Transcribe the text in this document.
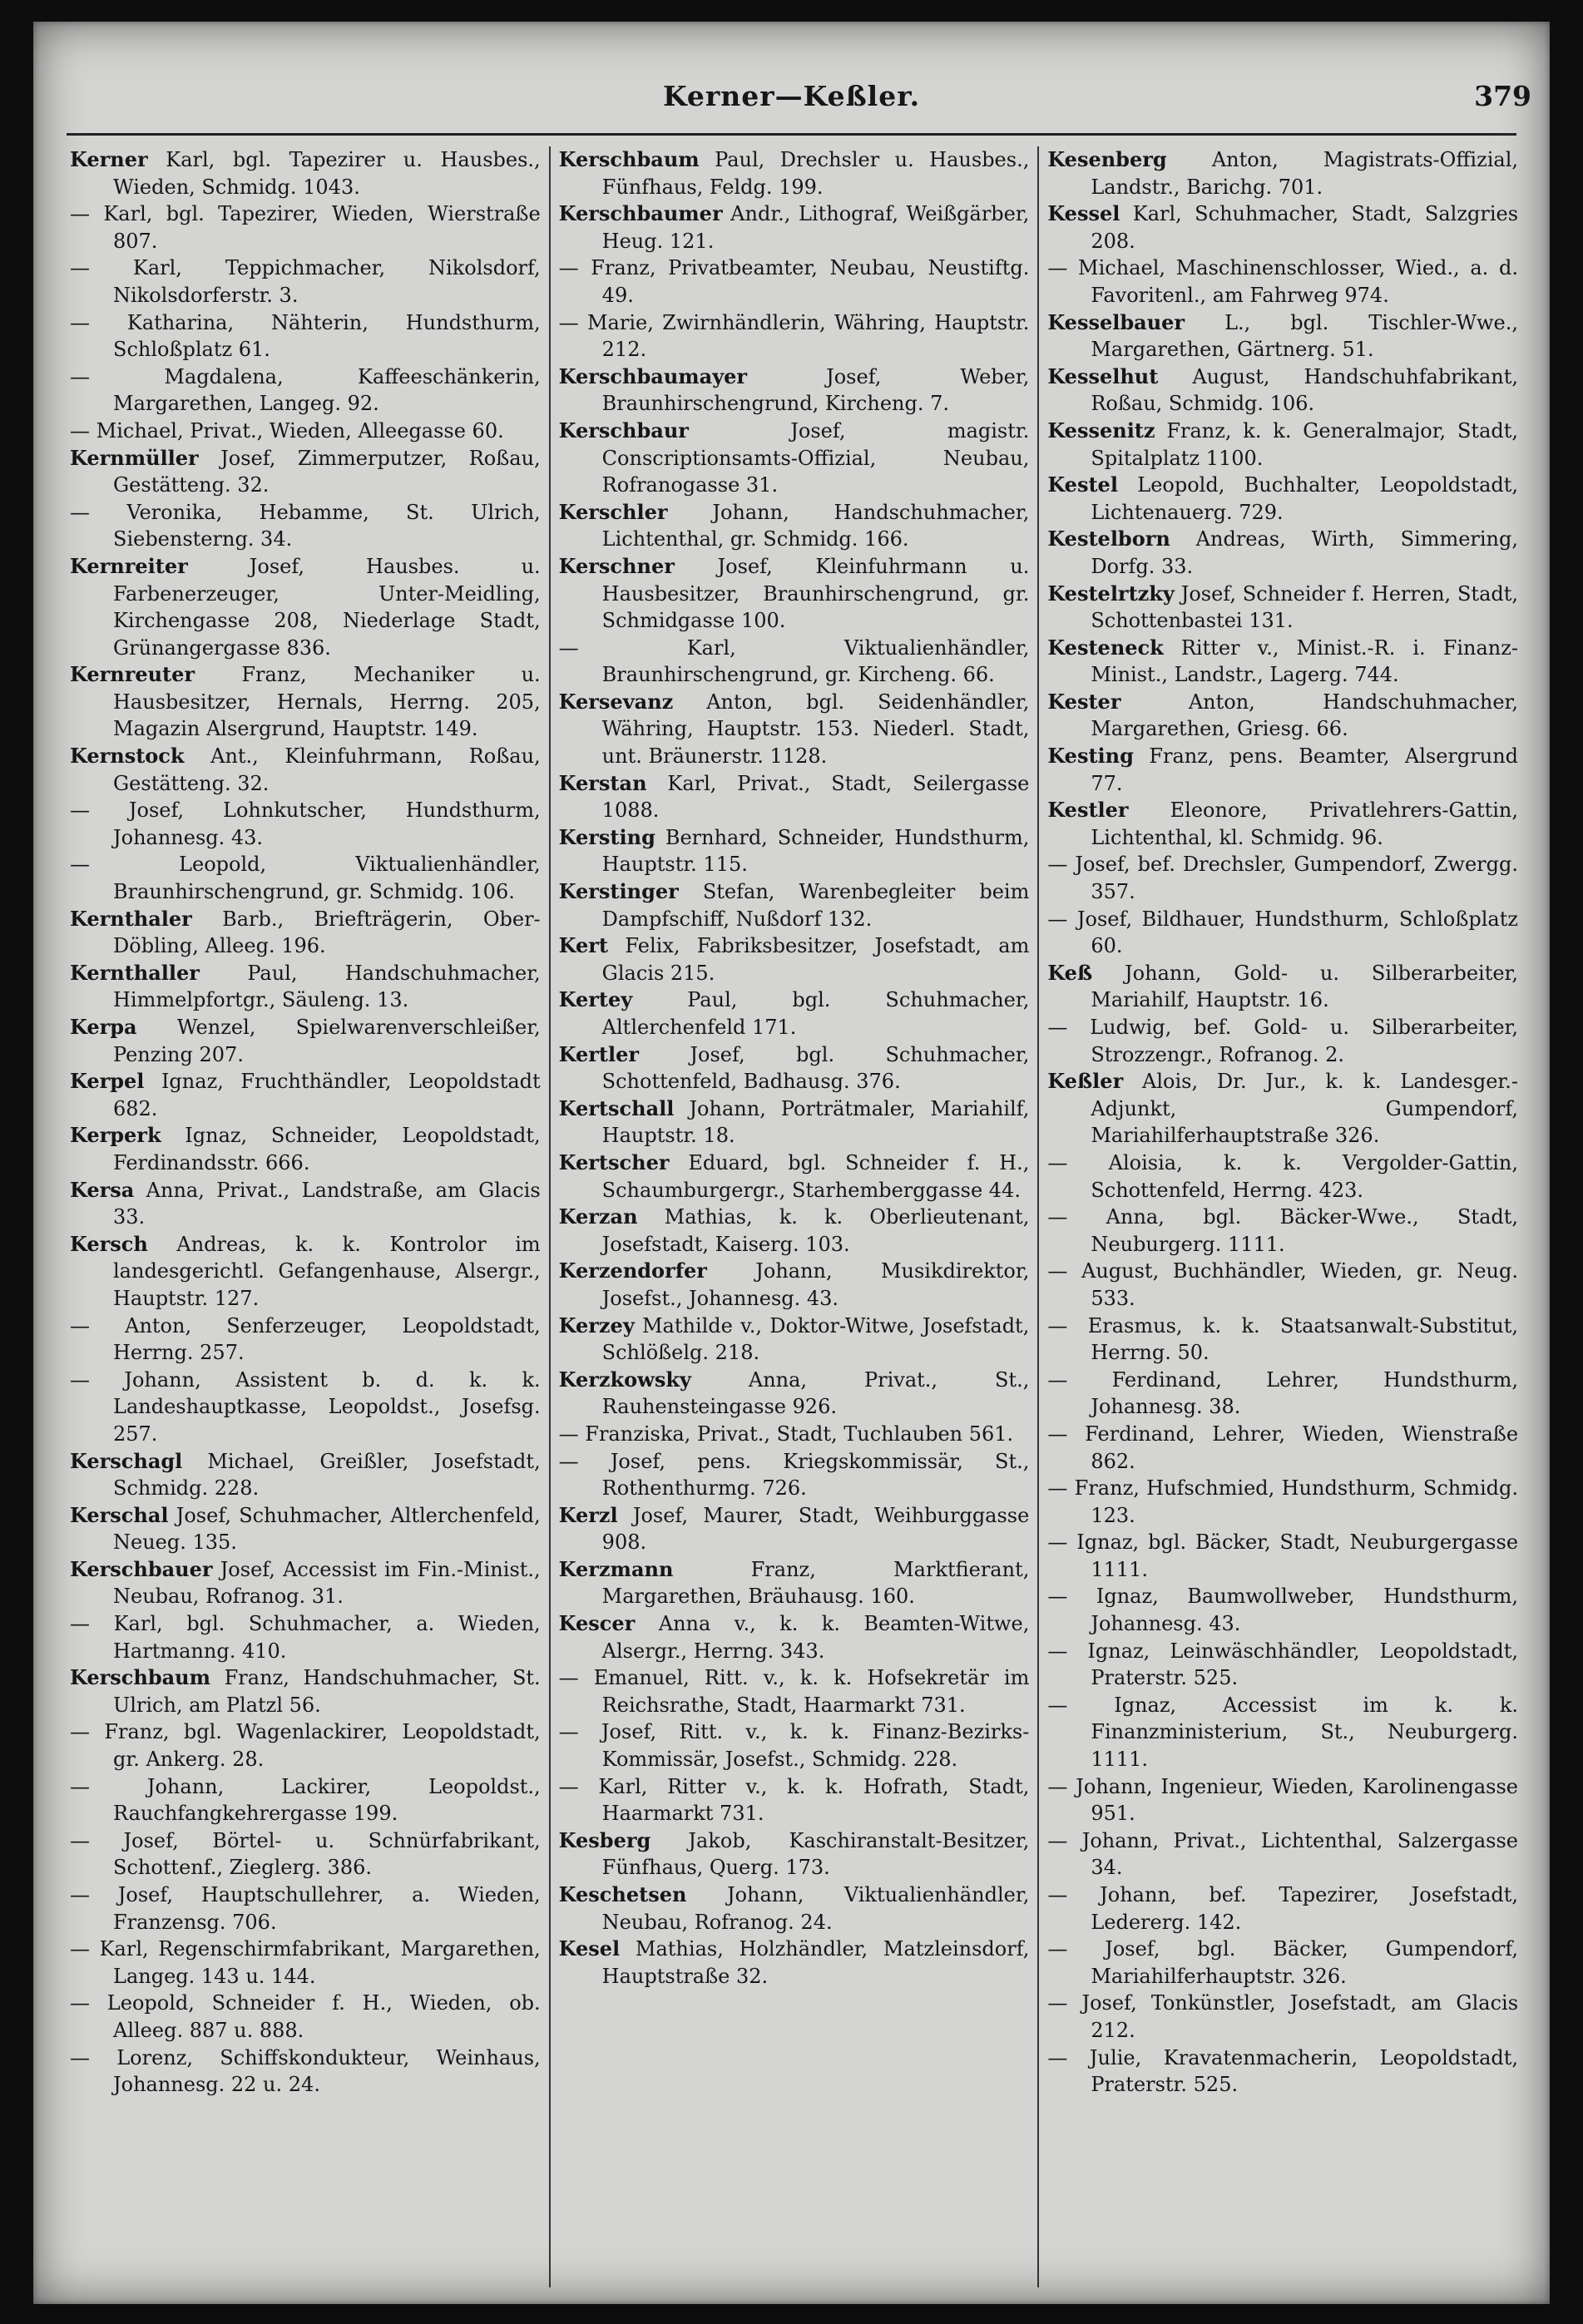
Kerner—Keßler.	379

Kerner Karl, bgl. Tapezirer u. Hausbes., Wieden, Schmidg. 1043.

— Karl, bgl. Tapezirer, Wieden, Wierstraße 807.

— Karl, Teppichmacher, Nikolsdorf, Nikolsdorferstr. 3.

— Katharina, Nähterin, Hundsthurm, Schloßplatz 61.

— Magdalena, Kaffeeschänkerin, Margarethen, Langeg. 92.

— Michael, Privat., Wieden, Alleegasse 60.

Kernmüller Josef, Zimmerputzer, Roßau, Gestätteng. 32.

— Veronika, Hebamme, St. Ulrich, Siebensterng. 34.

Kernreiter	Josef, Hausbes. u. Farbenerzeuger, Unter-Meidling, Kirchengasse 208, Niederlage Stadt, Grünangergasse 836.

Kernreuter Franz, Mechaniker u. Hausbesitzer, Hernals, Herrng. 205, Magazin Alsergrund, Hauptstr. 149.

Kernstock Ant., Kleinfuhrmann, Roßau, Gestätteng. 32.

— Josef, Lohnkutscher, Hundsthurm, Johannesg. 43.

— Leopold, Viktualienhändler, Braunhirschengrund, gr. Schmidg. 106.

Kernthaler Barb., Briefträgerin, Ober-Döbling, Alleeg. 196.

Kernthaller Paul, Handschuhmacher, Himmelpfortgr., Säuleng. 13.

Kerpa Wenzel, Spielwarenverschleißer, Penzing 207.

Kerpel Ignaz, Fruchthändler, Leopoldstadt 682.

Kerperk Ignaz, Schneider, Leopoldstadt, Ferdinandsstr. 666.

Kersa Anna, Privat., Landstraße, am Glacis 33.

Kersch Andreas, k. k. Kontrolor im landesgerichtl. Gefangenhause, Alsergr., Hauptstr. 127.

— Anton, Senferzeuger, Leopoldstadt, Herrng. 257.

— Johann, Assistent b. d. k. k. Landeshauptkasse, Leopoldst., Josefsg. 257.

Kerschagl Michael, Greißler, Josefstadt, Schmidg. 228.

Kerschal Josef, Schuhmacher, Altlerchenfeld, Neueg. 135.

Kerschbauer Josef, Accessist im Fin.-Minist., Neubau, Rofranog. 31.

— Karl, bgl. Schuhmacher, a. Wieden, Hartmanng. 410.

Kerschbaum Franz, Handschuhmacher, St. Ulrich, am Platzl 56.

— Franz, bgl. Wagenlackirer, Leopoldstadt, gr. Ankerg. 28.

— Johann, Lackirer, Leopoldst., Rauchfangkehrergasse 199.

— Josef, Börtel- u. Schnürfabrikant, Schottenf., Zieglerg. 386.

— Josef, Hauptschullehrer, a. Wieden, Franzensg. 706.

— Karl, Regenschirmfabrikant, Margarethen, Langeg. 143 u. 144.

— Leopold, Schneider f. H., Wieden, ob. Alleeg. 887 u. 888.

— Lorenz, Schiffskondukteur, Weinhaus, Johannesg. 22 u. 24.

Kerschbaum Paul, Drechsler u. Hausbes., Fünfhaus, Feldg. 199.

Kerschbaumer Andr., Lithograf, Weißgärber, Heug. 121.

— Franz, Privatbeamter, Neubau, Neustiftg. 49.

— Marie, Zwirnhändlerin, Währing, Hauptstr. 212.

Kerschbaumayer	Josef, Weber, Braunhirschengrund, Kircheng. 7.

Kerschbaur	Josef, magistr. Conscriptionsamts-Offizial, Neubau, Rofranogasse 31.

Kerschler Johann, Handschuhmacher, Lichtenthal, gr. Schmidg. 166.

Kerschner Josef, Kleinfuhrmann u. Hausbesitzer, Braunhirschengrund, gr. Schmidgasse 100.

— Karl, Viktualienhändler, Braunhirschengrund, gr. Kircheng. 66.

Kersevanz Anton, bgl. Seidenhändler, Währing, Hauptstr. 153. Niederl. Stadt, unt. Bräunerstr. 1128.

Kerstan Karl, Privat., Stadt, Seilergasse 1088.

Kersting Bernhard, Schneider, Hundsthurm, Hauptstr. 115.

Kerstinger Stefan, Warenbegleiter beim Dampfschiff, Nußdorf 132.

Kert Felix, Fabriksbesitzer, Josefstadt, am Glacis 215.

Kertey	Paul, bgl. Schuhmacher, Altlerchenfeld 171.

Kertler	Josef, bgl. Schuhmacher, Schottenfeld, Badhausg. 376.

Kertschall Johann, Porträtmaler, Mariahilf, Hauptstr. 18.

Kertscher Eduard, bgl. Schneider f. H., Schaumburgergr., Starhemberggasse 44.

Kerzan Mathias, k. k. Oberlieutenant, Josefstadt, Kaiserg. 103.

Kerzendorfer Johann, Musikdirektor, Josefst., Johannesg. 43.

Kerzey Mathilde v., Doktor-Witwe, Josefstadt, Schlößelg. 218.

Kerzkowsky	Anna, Privat., St., Rauhensteingasse 926.

— Franziska, Privat., Stadt, Tuchlauben 561.

— Josef, pens. Kriegskommissär, St., Rothenthurmg. 726.

Kerzl Josef, Maurer, Stadt, Weihburggasse 908.

Kerzmann	Franz, Marktfierant, Margarethen, Bräuhausg. 160.

Kescer Anna v., k. k. Beamten-Witwe, Alsergr., Herrng. 343.

— Emanuel, Ritt. v., k. k. Hofsekretär im Reichsrathe, Stadt, Haarmarkt 731.

— Josef, Ritt. v., k. k. Finanz-Bezirks-Kommissär, Josefst., Schmidg. 228.

— Karl, Ritter v., k. k. Hofrath, Stadt, Haarmarkt 731.

Kesberg Jakob, Kaschiranstalt-Besitzer, Fünfhaus, Querg. 173.

Keschetsen Johann, Viktualienhändler, Neubau, Rofranog. 24.

Kesel Mathias, Holzhändler, Matzleinsdorf, Hauptstraße 32.

Kesenberg Anton, Magistrats-Offizial, Landstr., Barichg. 701.

Kessel Karl, Schuhmacher, Stadt, Salzgries 208.

— Michael, Maschinenschlosser, Wied., a. d. Favoritenl., am Fahrweg 974.

Kesselbauer L., bgl. Tischler-Wwe., Margarethen, Gärtnerg. 51.

Kesselhut August, Handschuhfabrikant, Roßau, Schmidg. 106.

Kessenitz Franz, k. k. Generalmajor, Stadt, Spitalplatz 1100.

Kestel Leopold, Buchhalter, Leopoldstadt, Lichtenauerg. 729.

Kestelborn Andreas, Wirth, Simmering, Dorfg. 33.

Kestelrtzky Josef, Schneider f. Herren, Stadt, Schottenbastei 131.

Kesteneck Ritter v., Minist.-R. i. Finanz-Minist., Landstr., Lagerg. 744.

Kester	Anton, Handschuhmacher, Margarethen, Griesg. 66.

Kesting Franz, pens. Beamter, Alsergrund 77.

Kestler Eleonore, Privatlehrers-Gattin, Lichtenthal, kl. Schmidg. 96.

— Josef, bef. Drechsler, Gumpendorf, Zwergg. 357.

— Josef, Bildhauer, Hundsthurm, Schloßplatz 60.

Keß Johann, Gold- u. Silberarbeiter, Mariahilf, Hauptstr. 16.

— Ludwig, bef. Gold- u. Silberarbeiter, Strozzengr., Rofranog. 2.

Keßler Alois, Dr. Jur., k. k. Landesger.-Adjunkt, Gumpendorf, Mariahilferhauptstraße 326.

— Aloisia, k. k. Vergolder-Gattin, Schottenfeld, Herrng. 423.

— Anna, bgl. Bäcker-Wwe., Stadt, Neuburgerg. 1111.

— August, Buchhändler, Wieden, gr. Neug. 533.

— Erasmus, k. k. Staatsanwalt-Substitut, Herrng. 50.

— Ferdinand, Lehrer, Hundsthurm, Johannesg. 38.

— Ferdinand, Lehrer, Wieden, Wienstraße 862.

— Franz, Hufschmied, Hundsthurm, Schmidg. 123.

— Ignaz, bgl. Bäcker, Stadt, Neuburgergasse 1111.

— Ignaz, Baumwollweber, Hundsthurm, Johannesg. 43.

— Ignaz, Leinwäschhändler, Leopoldstadt, Praterstr. 525.

— Ignaz, Accessist im k. k. Finanzministerium, St., Neuburgerg. 1111.

— Johann, Ingenieur, Wieden, Karolinengasse 951.

— Johann, Privat., Lichtenthal, Salzergasse 34.

— Johann, bef. Tapezirer, Josefstadt, Ledererg. 142.

— Josef, bgl. Bäcker, Gumpendorf, Mariahilferhauptstr. 326.

— Josef, Tonkünstler, Josefstadt, am Glacis 212.

— Julie, Kravatenmacherin, Leopoldstadt, Praterstr. 525.
